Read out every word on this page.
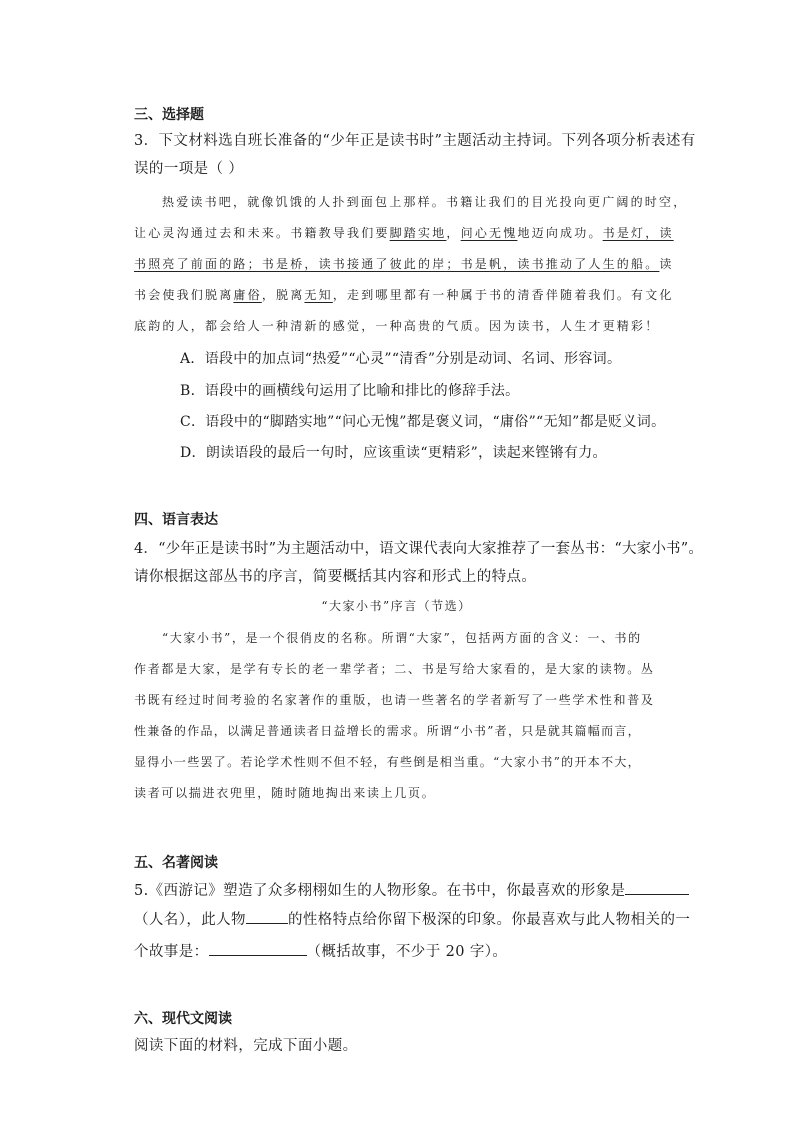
三、选择题
3．下文材料选自班长准备的“少年正是读书时”主题活动主持词。下列各项分析表述有
误的一项是（ ）
热爱读书吧，就像饥饿的人扑到面包上那样。书籍让我们的目光投向更广阔的时空，
让心灵沟通过去和未来。书籍教导我们要脚踏实地，问心无愧地迈向成功。书是灯，读
书照亮了前面的路；书是桥，读书接通了彼此的岸；书是帆，读书推动了人生的船。读
书会使我们脱离庸俗，脱离无知，走到哪里都有一种属于书的清香伴随着我们。有文化
底韵的人，都会给人一种清新的感觉，一种高贵的气质。因为读书，人生才更精彩！
A．语段中的加点词“热爱”“心灵”“清香”分别是动词、名词、形容词。
B．语段中的画横线句运用了比喻和排比的修辞手法。
C．语段中的“脚踏实地”“问心无愧”都是褒义词，“庸俗”“无知”都是贬义词。
D．朗读语段的最后一句时，应该重读“更精彩”，读起来铿锵有力。
四、语言表达
4．“少年正是读书时”为主题活动中，语文课代表向大家推荐了一套丛书：“大家小书”。
请你根据这部丛书的序言，简要概括其内容和形式上的特点。
“大家小书”序言（节选）
“大家小书”，是一个很俏皮的名称。所谓“大家”，包括两方面的含义：一、书的
作者都是大家，是学有专长的老一辈学者；二、书是写给大家看的，是大家的读物。丛
书既有经过时间考验的名家著作的重版，也请一些著名的学者新写了一些学术性和普及
性兼备的作品，以满足普通读者日益增长的需求。所谓“小书”者，只是就其篇幅而言，
显得小一些罢了。若论学术性则不但不轻，有些倒是相当重。“大家小书”的开本不大，
读者可以揣进衣兜里，随时随地掏出来读上几页。
五、名著阅读
5.《西游记》塑造了众多栩栩如生的人物形象。在书中，你最喜欢的形象是
（人名），此人物	的性格特点给你留下极深的印象。你最喜欢与此人物相关的一
个故事是：	（概括故事，不少于 20 字）。
六、现代文阅读
阅读下面的材料，完成下面小题。
